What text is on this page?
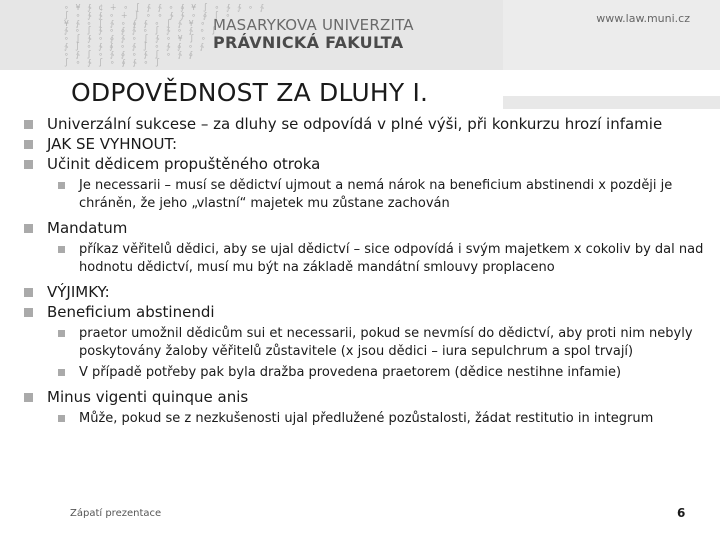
∘ ¥ ∱ ¢ ∔ ∘ ∫ ∱ ∱ ∘ ∮
∫ ∘ ∱ ∱ ∘ ∔ ∫ ∘ ∘ ∱ ∱
¥ ∱ ∘ ∫ ∱ ∘ ∮ ∱ ∘ ∫ ∱
∱ ∘ ∫ ∱ ∘ ∮ ∱ ∘ ∫ ∱ ∘
∘ ∫ ∱ ∘ ∮ ∱ ∘ ∫ ∱ ∘ ¥
∱ ∫ ∘ ∱ ∮ ∘ ∱ ∫ ∘ ∱ ∮
∘ ∱ ∫ ∘ ∱ ∮ ∘ ∱ ∫ ∘ ∱
∫ ∘ ∱ ∫ ∘ ∮ ∱ ∘ ∫
MASARYKOVA UNIVERZITA
PRÁVNICKÁ FAKULTA
www.law.muni.cz
ODPOVĚDNOST ZA DLUHY I.
Univerzální sukcese – za dluhy se odpovídá v plné výši, při konkurzu hrozí infamie
JAK SE VYHNOUT:
Učinit dědicem propuštěného otroka
Je necessarii – musí se dědictví ujmout a nemá nárok na beneficium abstinendi x později je chráněn, že jeho „vlastní“ majetek mu zůstane zachován
Mandatum
příkaz věřitelů dědici, aby se ujal dědictví – sice odpovídá i svým majetkem x cokoliv by dal nad hodnotu dědictví, musí mu být na základě mandátní smlouvy proplaceno
VÝJIMKY:
Beneficium abstinendi
praetor umožnil dědicům sui et necessarii, pokud se nevmísí do dědictví, aby proti nim nebyly poskytovány žaloby věřitelů zůstavitele (x jsou dědici – iura sepulchrum a spol trvají)
V případě potřeby pak byla dražba provedena praetorem (dědice nestihne infamie)
Minus vigenti quinque anis
Může, pokud se z nezkušenosti ujal předlužené pozůstalosti, žádat restitutio in integrum
Zápatí prezentace	6
